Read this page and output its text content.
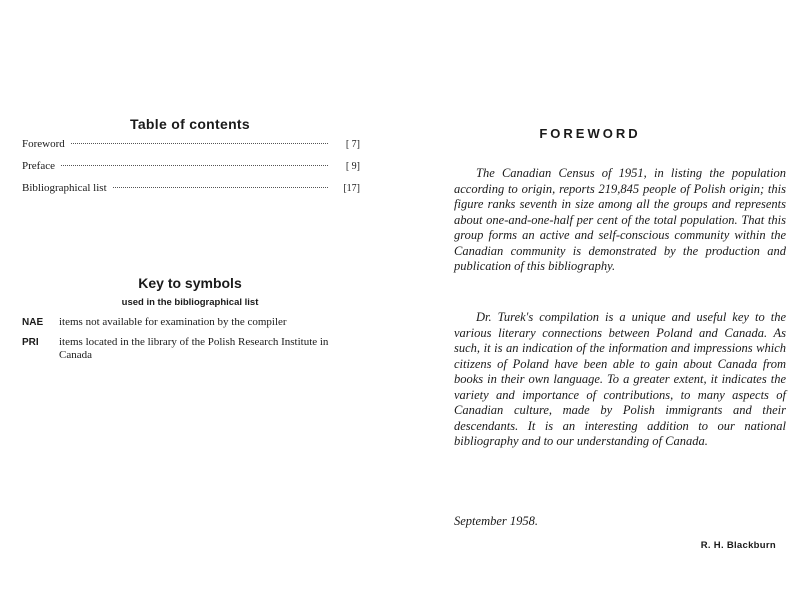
Table of contents
Foreword	[ 7]
Preface	[ 9]
Bibliographical list	[17]
Key to symbols
used in the bibliographical list
NAE	items not available for examination by the compiler
PRI	items located in the library of the Polish Research Institute in Canada
FOREWORD

The Canadian Census of 1951, in listing the population according to origin, reports 219,845 people of Polish origin; this figure ranks seventh in size among all the groups and represents about one-and-one-half per cent of the total population. That this group forms an active and self-conscious community within the Canadian community is demonstrated by the production and publication of this bibliography.

Dr. Turek's compilation is a unique and useful key to the various literary connections between Poland and Canada. As such, it is an indication of the information and impressions which citizens of Poland have been able to gain about Canada from books in their own language. To a greater extent, it indicates the variety and importance of contributions, to many aspects of Canadian culture, made by Polish immigrants and their descendants. It is an interesting addition to our national bibliography and to our understanding of Canada.

September 1958.
R. H. Blackburn
